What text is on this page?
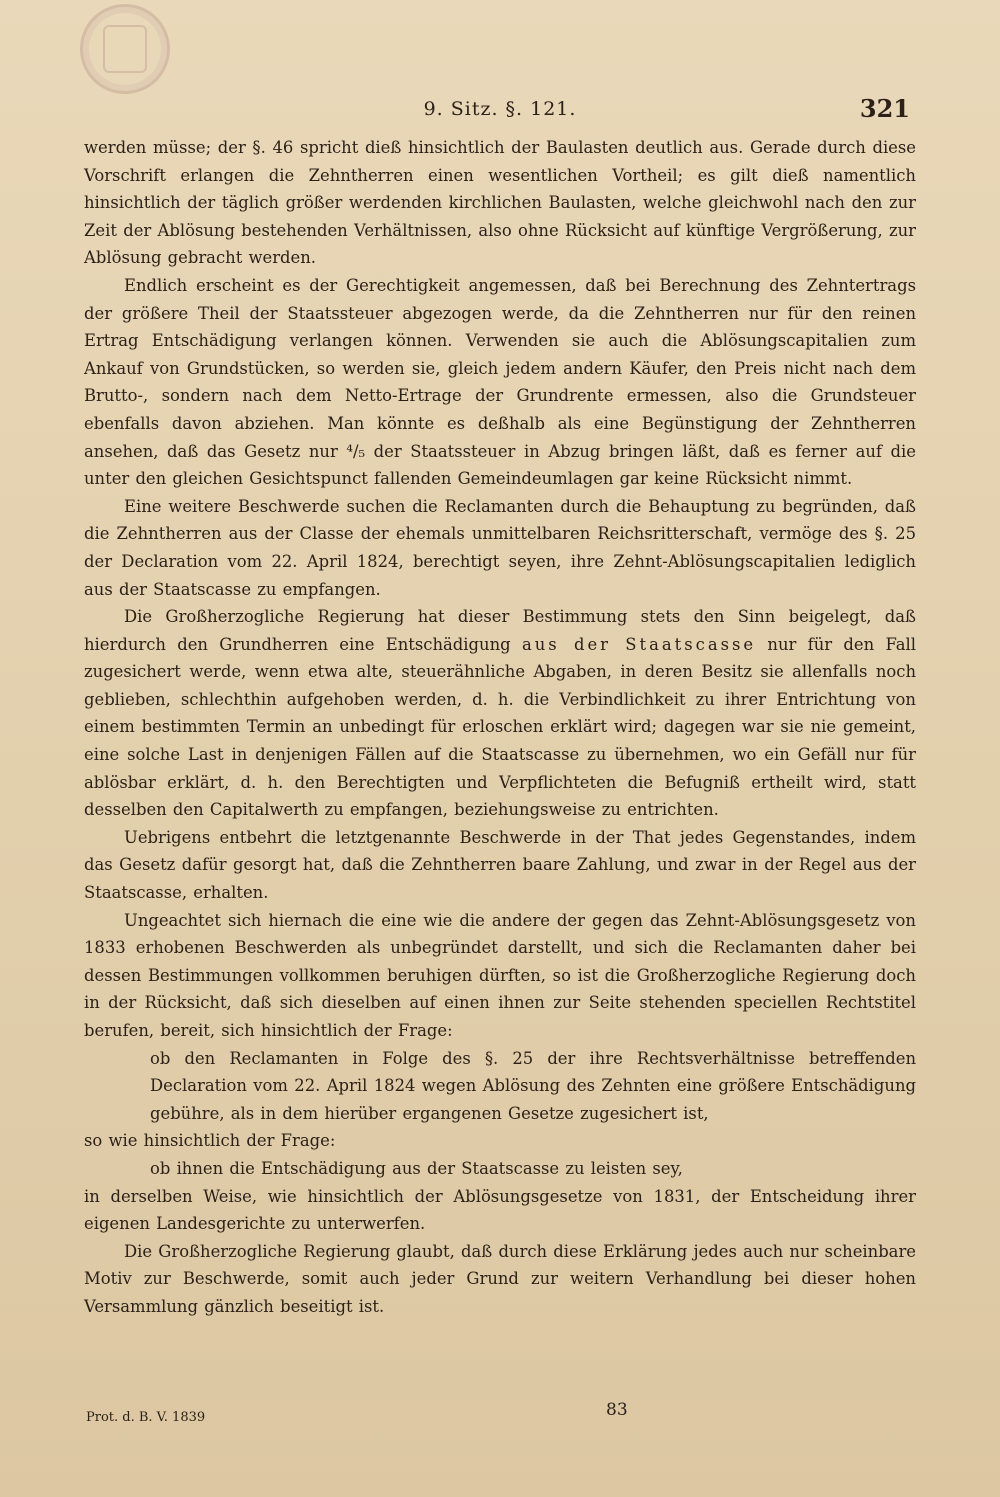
9. Sitz. §. 121.	321

werden müsse; der §. 46 spricht dieß hinsichtlich der Baulasten deutlich aus. Gerade durch diese Vorschrift erlangen die Zehntherren einen wesentlichen Vortheil; es gilt dieß namentlich hinsichtlich der täglich größer werdenden kirchlichen Baulasten, welche gleichwohl nach den zur Zeit der Ablösung bestehenden Verhältnissen, also ohne Rücksicht auf künftige Vergrößerung, zur Ablösung gebracht werden.

Endlich erscheint es der Gerechtigkeit angemessen, daß bei Berechnung des Zehntertrags der größere Theil der Staatssteuer abgezogen werde, da die Zehntherren nur für den reinen Ertrag Entschädigung verlangen können. Verwenden sie auch die Ablösungscapitalien zum Ankauf von Grundstücken, so werden sie, gleich jedem andern Käufer, den Preis nicht nach dem Brutto-, sondern nach dem Netto-Ertrage der Grundrente ermessen, also die Grundsteuer ebenfalls davon abziehen. Man könnte es deßhalb als eine Begünstigung der Zehntherren ansehen, daß das Gesetz nur ⁴/₅ der Staatssteuer in Abzug bringen läßt, daß es ferner auf die unter den gleichen Gesichtspunct fallenden Gemeindeumlagen gar keine Rücksicht nimmt.

Eine weitere Beschwerde suchen die Reclamanten durch die Behauptung zu begründen, daß die Zehntherren aus der Classe der ehemals unmittelbaren Reichsritterschaft, vermöge des §. 25 der Declaration vom 22. April 1824, berechtigt seyen, ihre Zehnt-Ablösungscapitalien lediglich aus der Staatscasse zu empfangen.

Die Großherzogliche Regierung hat dieser Bestimmung stets den Sinn beigelegt, daß hierdurch den Grundherren eine Entschädigung aus der Staatscasse nur für den Fall zugesichert werde, wenn etwa alte, steuerähnliche Abgaben, in deren Besitz sie allenfalls noch geblieben, schlechthin aufgehoben werden, d. h. die Verbindlichkeit zu ihrer Entrichtung von einem bestimmten Termin an unbedingt für erloschen erklärt wird; dagegen war sie nie gemeint, eine solche Last in denjenigen Fällen auf die Staatscasse zu übernehmen, wo ein Gefäll nur für ablösbar erklärt, d. h. den Berechtigten und Verpflichteten die Befugniß ertheilt wird, statt desselben den Capitalwerth zu empfangen, beziehungsweise zu entrichten.

Uebrigens entbehrt die letztgenannte Beschwerde in der That jedes Gegenstandes, indem das Gesetz dafür gesorgt hat, daß die Zehntherren baare Zahlung, und zwar in der Regel aus der Staatscasse, erhalten.

Ungeachtet sich hiernach die eine wie die andere der gegen das Zehnt-Ablösungsgesetz von 1833 erhobenen Beschwerden als unbegründet darstellt, und sich die Reclamanten daher bei dessen Bestimmungen vollkommen beruhigen dürften, so ist die Großherzogliche Regierung doch in der Rücksicht, daß sich dieselben auf einen ihnen zur Seite stehenden speciellen Rechtstitel berufen, bereit, sich hinsichtlich der Frage:

ob den Reclamanten in Folge des §. 25 der ihre Rechtsverhältnisse betreffenden Declaration vom 22. April 1824 wegen Ablösung des Zehnten eine größere Entschädigung gebühre, als in dem hierüber ergangenen Gesetze zugesichert ist,

so wie hinsichtlich der Frage:

ob ihnen die Entschädigung aus der Staatscasse zu leisten sey,

in derselben Weise, wie hinsichtlich der Ablösungsgesetze von 1831, der Entscheidung ihrer eigenen Landesgerichte zu unterwerfen.

Die Großherzogliche Regierung glaubt, daß durch diese Erklärung jedes auch nur scheinbare Motiv zur Beschwerde, somit auch jeder Grund zur weitern Verhandlung bei dieser hohen Versammlung gänzlich beseitigt ist.

Prot. d. B. V. 1839	83
